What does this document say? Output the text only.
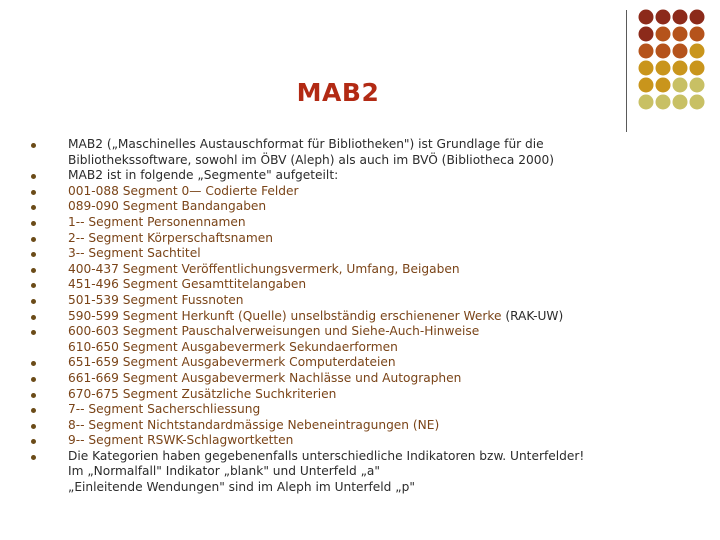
MAB2
MAB2 („Maschinelles Austauschformat für Bibliotheken") ist Grundlage für die
Bibliothekssoftware, sowohl im ÖBV (Aleph) als auch im BVÖ (Bibliotheca 2000)
MAB2 ist in folgende „Segmente" aufgeteilt:
001-088 Segment 0— Codierte Felder
089-090 Segment Bandangaben
1-- Segment Personennamen
2-- Segment Körperschaftsnamen
3-- Segment Sachtitel
400-437 Segment Veröffentlichungsvermerk, Umfang, Beigaben
451-496 Segment Gesamttitelangaben
501-539 Segment Fussnoten
590-599 Segment Herkunft (Quelle) unselbständig erschienener Werke (RAK-UW)
600-603 Segment Pauschalverweisungen und Siehe-Auch-Hinweise
610-650 Segment Ausgabevermerk Sekundaerformen
651-659 Segment Ausgabevermerk Computerdateien
661-669 Segment Ausgabevermerk Nachlässe und Autographen
670-675 Segment Zusätzliche Suchkriterien
7-- Segment Sacherschliessung
8-- Segment Nichtstandardmässige Nebeneintragungen (NE)
9-- Segment RSWK-Schlagwortketten
Die Kategorien haben gegebenenfalls unterschiedliche Indikatoren bzw. Unterfelder!
Im „Normalfall" Indikator „blank" und Unterfeld „a"
„Einleitende Wendungen" sind im Aleph im Unterfeld „p"
